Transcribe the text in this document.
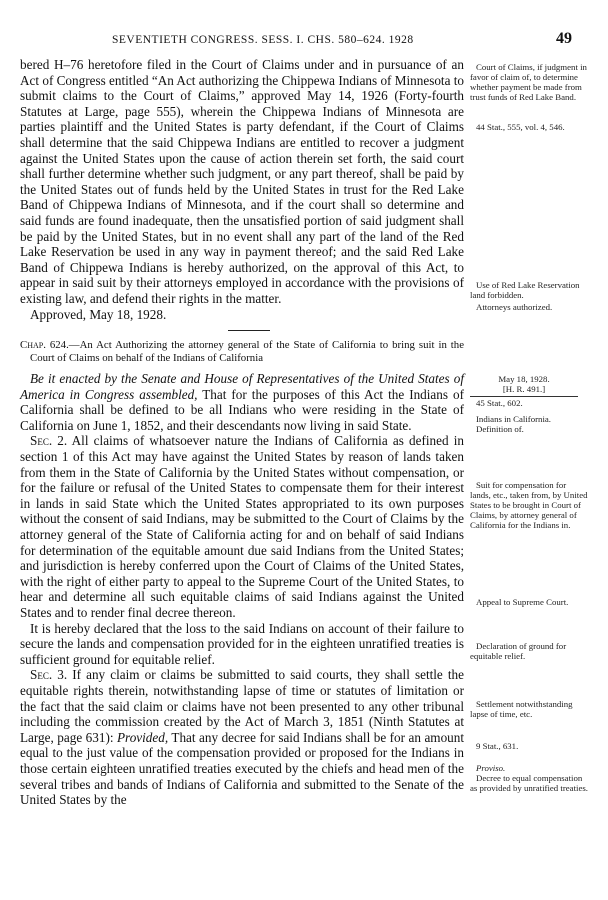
SEVENTIETH CONGRESS. SESS. I. CHS. 580–624. 1928	49

bered H–76 heretofore filed in the Court of Claims under and in pursuance of an Act of Congress entitled “An Act authorizing the Chippewa Indians of Minnesota to submit claims to the Court of Claims,” approved May 14, 1926 (Forty-fourth Statutes at Large, page 555), wherein the Chippewa Indians of Minnesota are parties plaintiff and the United States is party defendant, if the Court of Claims shall determine that the said Chippewa Indians are entitled to recover a judgment against the United States upon the cause of action therein set forth, the said court shall further determine whether such judgment, or any part thereof, shall be paid by the United States out of funds held by the United States in trust for the Red Lake Band of Chippewa Indians of Minnesota, and if the court shall so determine and said funds are found inadequate, then the unsatisfied portion of said judgment shall be paid by the United States, but in no event shall any part of the land of the Red Lake Reservation be used in any way in payment thereof; and the said Red Lake Band of Chippewa Indians is hereby authorized, on the approval of this Act, to appear in said suit by their attorneys employed in accordance with the provisions of existing law, and defend their rights in the matter.

Approved, May 18, 1928.

Chap. 624.—An Act Authorizing the attorney general of the State of California to bring suit in the Court of Claims on behalf of the Indians of California

Be it enacted by the Senate and House of Representatives of the United States of America in Congress assembled, That for the purposes of this Act the Indians of California shall be defined to be all Indians who were residing in the State of California on June 1, 1852, and their descendants now living in said State.

Sec. 2. All claims of whatsoever nature the Indians of California as defined in section 1 of this Act may have against the United States by reason of lands taken from them in the State of California by the United States without compensation, or for the failure or refusal of the United States to compensate them for their interest in lands in said State which the United States appropriated to its own purposes without the consent of said Indians, may be submitted to the Court of Claims by the attorney general of the State of California acting for and on behalf of said Indians for determination of the equitable amount due said Indians from the United States; and jurisdiction is hereby conferred upon the Court of Claims of the United States, with the right of either party to appeal to the Supreme Court of the United States, to hear and determine all such equitable claims of said Indians against the United States and to render final decree thereon.

It is hereby declared that the loss to the said Indians on account of their failure to secure the lands and compensation provided for in the eighteen unratified treaties is sufficient ground for equitable relief.

Sec. 3. If any claim or claims be submitted to said courts, they shall settle the equitable rights therein, notwithstanding lapse of time or statutes of limitation or the fact that the said claim or claims have not been presented to any other tribunal including the commission created by the Act of March 3, 1851 (Ninth Statutes at Large, page 631): Provided, That any decree for said Indians shall be for an amount equal to the just value of the compensation provided or proposed for the Indians in those certain eighteen unratified treaties executed by the chiefs and head men of the several tribes and bands of Indians of California and submitted to the Senate of the United States by the

Court of Claims, if judgment in favor of claim of, to determine whether payment be made from trust funds of Red Lake Band.
44 Stat., 555, vol. 4, 546.
Use of Red Lake Reservation land forbidden.
Attorneys authorized.
May 18, 1928.
[H. R. 491.]
45 Stat., 602.
Indians in California.
Definition of.
Suit for compensation for lands, etc., taken from, by United States to be brought in Court of Claims, by attorney general of California for the Indians in.
Appeal to Supreme Court.
Declaration of ground for equitable relief.
Settlement notwithstanding lapse of time, etc.
9 Stat., 631.
Proviso.
Decree to equal compensation as provided by unratified treaties.
